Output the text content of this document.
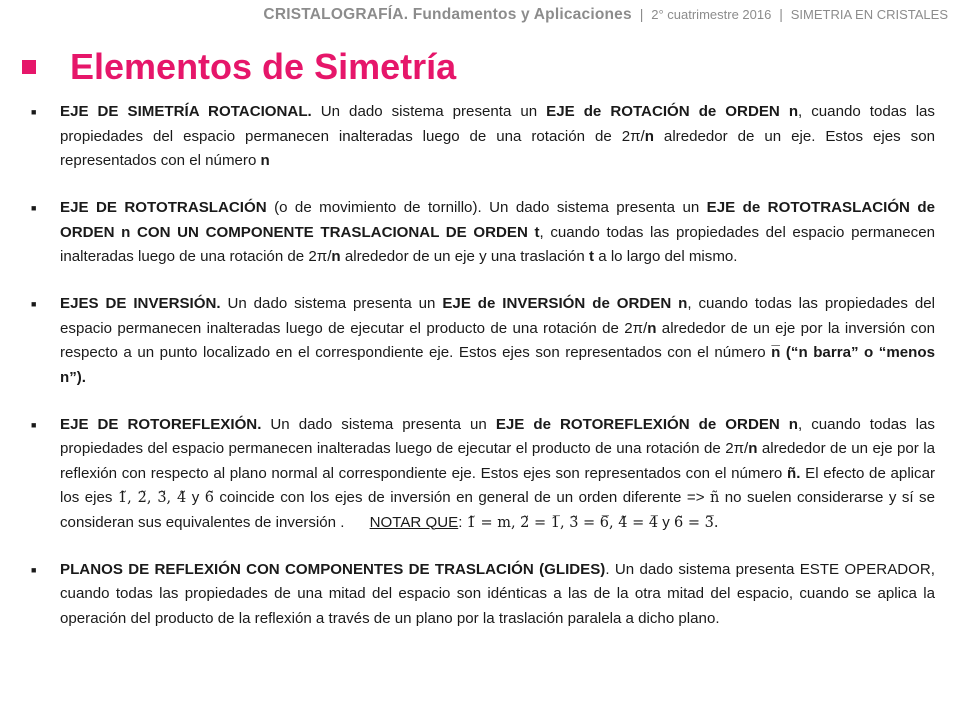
CRISTALOGRAFÍA. Fundamentos y Aplicaciones | 2° cuatrimestre 2016 | SIMETRIA EN CRISTALES
Elementos de Simetría
■	EJE DE SIMETRÍA ROTACIONAL. Un dado sistema presenta un EJE de ROTACIÓN de ORDEN n, cuando todas las propiedades del espacio permanecen inalteradas luego de una rotación de 2π/n alrededor de un eje. Estos ejes son representados con el número n
■	EJE DE ROTOTRASLACIÓN (o de movimiento de tornillo). Un dado sistema presenta un EJE de ROTOTRASLACIÓN de ORDEN n CON UN COMPONENTE TRASLACIONAL DE ORDEN t, cuando todas las propiedades del espacio permanecen inalteradas luego de una rotación de 2π/n alrededor de un eje y una traslación t a lo largo del mismo.
■	EJES DE INVERSIÓN. Un dado sistema presenta un EJE de INVERSIÓN de ORDEN n, cuando todas las propiedades del espacio permanecen inalteradas luego de ejecutar el producto de una rotación de 2π/n alrededor de un eje por la inversión con respecto a un punto localizado en el correspondiente eje. Estos ejes son representados con el número n̅ (“n barra” o “menos n”).
■	EJE DE ROTOREFLEXIÓN. Un dado sistema presenta un EJE de ROTOREFLEXIÓN de ORDEN n, cuando todas las propiedades del espacio permanecen inalteradas luego de ejecutar el producto de una rotación de 2π/n alrededor de un eje por la reflexión con respecto al plano normal al correspondiente eje. Estos ejes son representados con el número ñ. El efecto de aplicar los ejes 1̃, 2̃, 3̃, 4̃ y 6̃ coincide con los ejes de inversión en general de un orden diferente => ñ no suelen considerarse y sí se consideran sus equivalentes de inversión .      NOTAR QUE: 1̃ = m, 2̃ = 1̅, 3̃ = 6̅, 4̃ = 4̅ y 6̃ = 3̅.
■	PLANOS DE REFLEXIÓN CON COMPONENTES DE TRASLACIÓN (GLIDES). Un dado sistema presenta ESTE OPERADOR, cuando todas las propiedades de una mitad del espacio son idénticas a las de la otra mitad del espacio, cuando se aplica la operación del producto de la reflexión a través de un plano por la traslación paralela a dicho plano.
